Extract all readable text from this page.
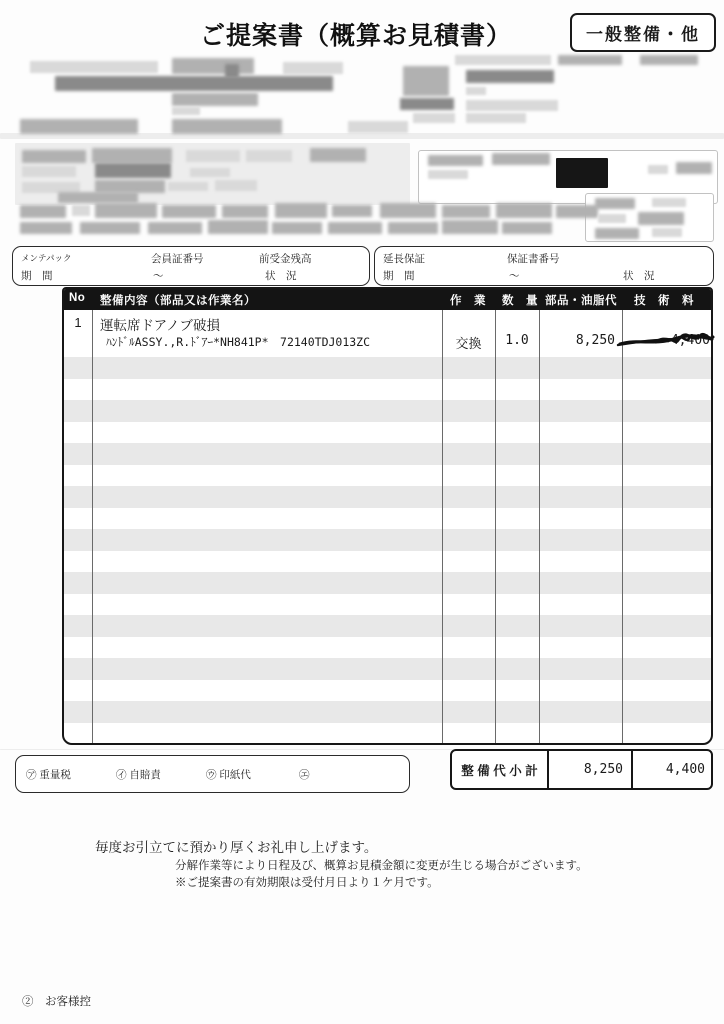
ご提案書（概算お見積書）	一般整備・他
メンテパック	会員証番号	前受金残高
期　間	～	状　況
延長保証	保証書番号
期　間	～	状　況
No 整備内容（部品又は作業名）	作　業 数　量 部品・油脂代 技　術　料
1	運転席ドアノブ破損
ﾊﾝﾄﾞﾙASSY.,R.ﾄﾞｱｰ*NH841P*　72140TDJ013ZC	交換	1.0	8,250	4,400
㋐ 重量税	㋑ 自賠責	㋒ 印紙代	㋓	整 備 代 小 計	8,250	4,400
毎度お引立てに預かり厚くお礼申し上げます。
分解作業等により日程及び、概算お見積金額に変更が生じる場合がございます。
※ご提案書の有効期限は受付月日より１ケ月です。
②　お客様控
